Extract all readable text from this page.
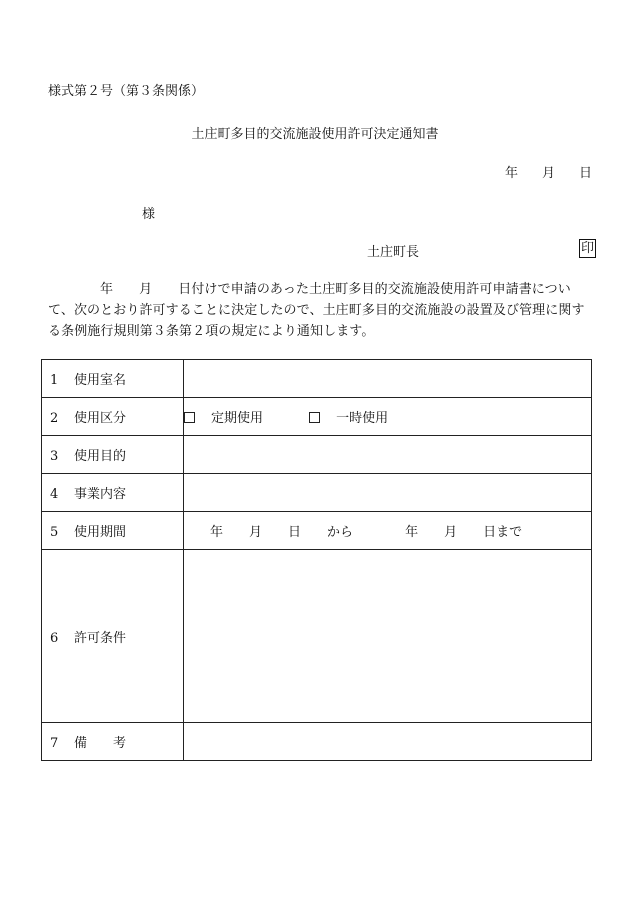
様式第２号（第３条関係）
土庄町多目的交流施設使用許可決定通知書
年 月 日
様
土庄町長	印
年 月 日付けで申請のあった土庄町多目的交流施設使用許可申請書について、次のとおり許可することに決定したので、土庄町多目的交流施設の設置及び管理に関する条例施行規則第３条第２項の規定により通知します。
1 使用室名	
2 使用区分	定期使用 一時使用
3 使用目的	
4 事業内容	
5 使用期間	年 月 日 から 年 月 日まで
6 許可条件	
7 備　　考	
